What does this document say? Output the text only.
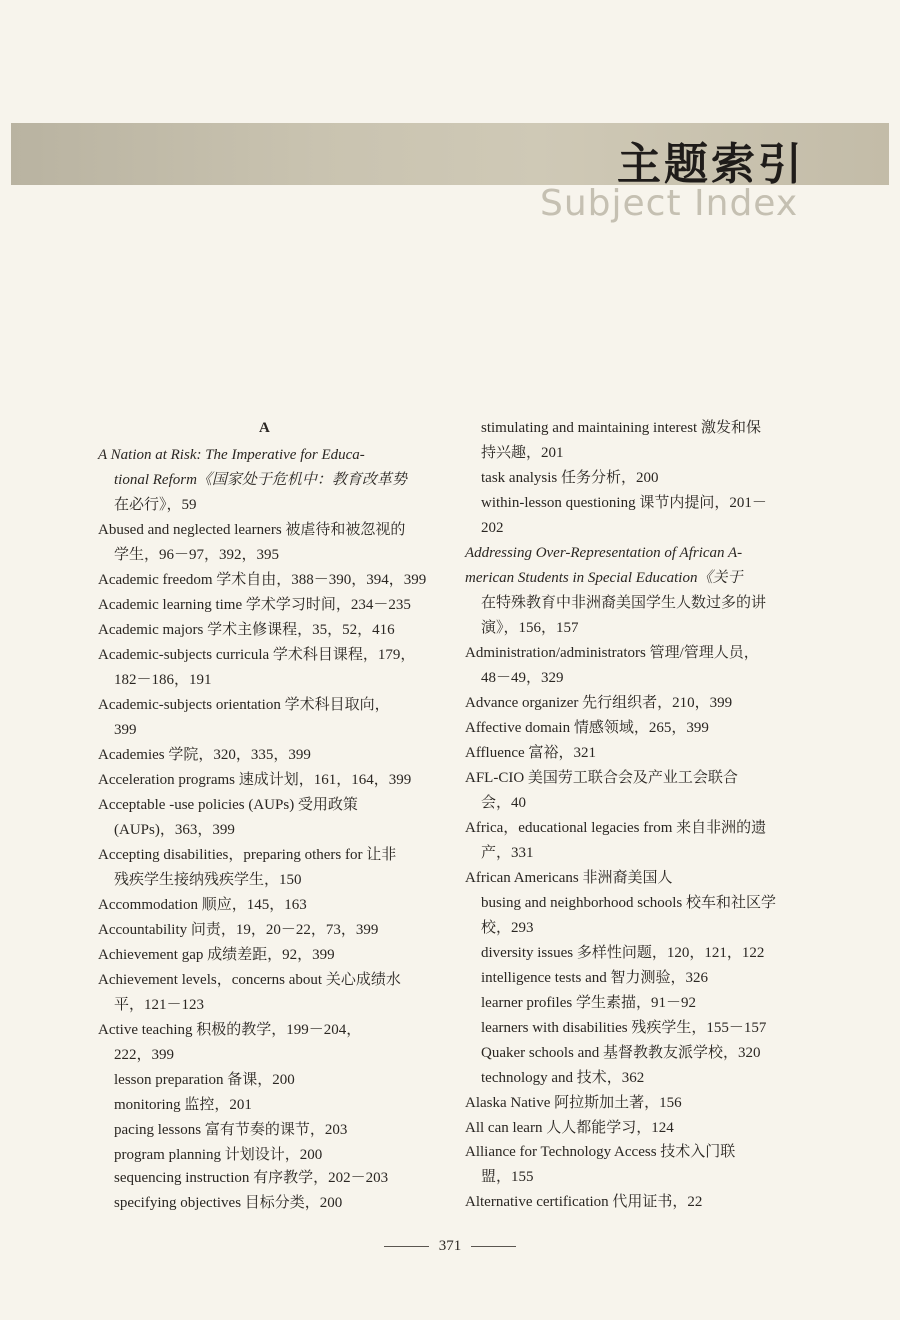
主题索引
Subject Index
A
A Nation at Risk: The Imperative for Educa-
tional Reform《国家处于危机中：教育改革势
在必行》，59
Abused and neglected learners 被虐待和被忽视的
学生，96－97，392，395
Academic freedom 学术自由，388－390，394，399
Academic learning time 学术学习时间，234－235
Academic majors 学术主修课程，35，52，416
Academic-subjects curricula 学术科目课程，179，
182－186，191
Academic-subjects orientation 学术科目取向，
399
Academies 学院，320，335，399
Acceleration programs 速成计划，161，164，399
Acceptable -use policies (AUPs) 受用政策
(AUPs)，363，399
Accepting disabilities，preparing others for 让非
残疾学生接纳残疾学生，150
Accommodation 顺应，145，163
Accountability 问责，19，20－22，73，399
Achievement gap 成绩差距，92，399
Achievement levels，concerns about 关心成绩水
平，121－123
Active teaching 积极的教学，199－204，
222，399
lesson preparation 备课，200
monitoring 监控，201
pacing lessons 富有节奏的课节，203
program planning 计划设计，200
sequencing instruction 有序教学，202－203
specifying objectives 目标分类，200
stimulating and maintaining interest 激发和保
持兴趣，201
task analysis 任务分析，200
within-lesson questioning 课节内提问，201－
202
Addressing Over-Representation of African A-
merican Students in Special Education《关于
在特殊教育中非洲裔美国学生人数过多的讲
演》，156，157
Administration/administrators 管理/管理人员，
48－49，329
Advance organizer 先行组织者，210，399
Affective domain 情感领域，265，399
Affluence 富裕，321
AFL-CIO 美国劳工联合会及产业工会联合
会，40
Africa，educational legacies from 来自非洲的遗
产，331
African Americans 非洲裔美国人
busing and neighborhood schools 校车和社区学
校，293
diversity issues 多样性问题，120，121，122
intelligence tests and 智力测验，326
learner profiles 学生素描，91－92
learners with disabilities 残疾学生，155－157
Quaker schools and 基督教教友派学校，320
technology and 技术，362
Alaska Native 阿拉斯加土著，156
All can learn 人人都能学习，124
Alliance for Technology Access 技术入门联
盟，155
Alternative certification 代用证书，22
371
